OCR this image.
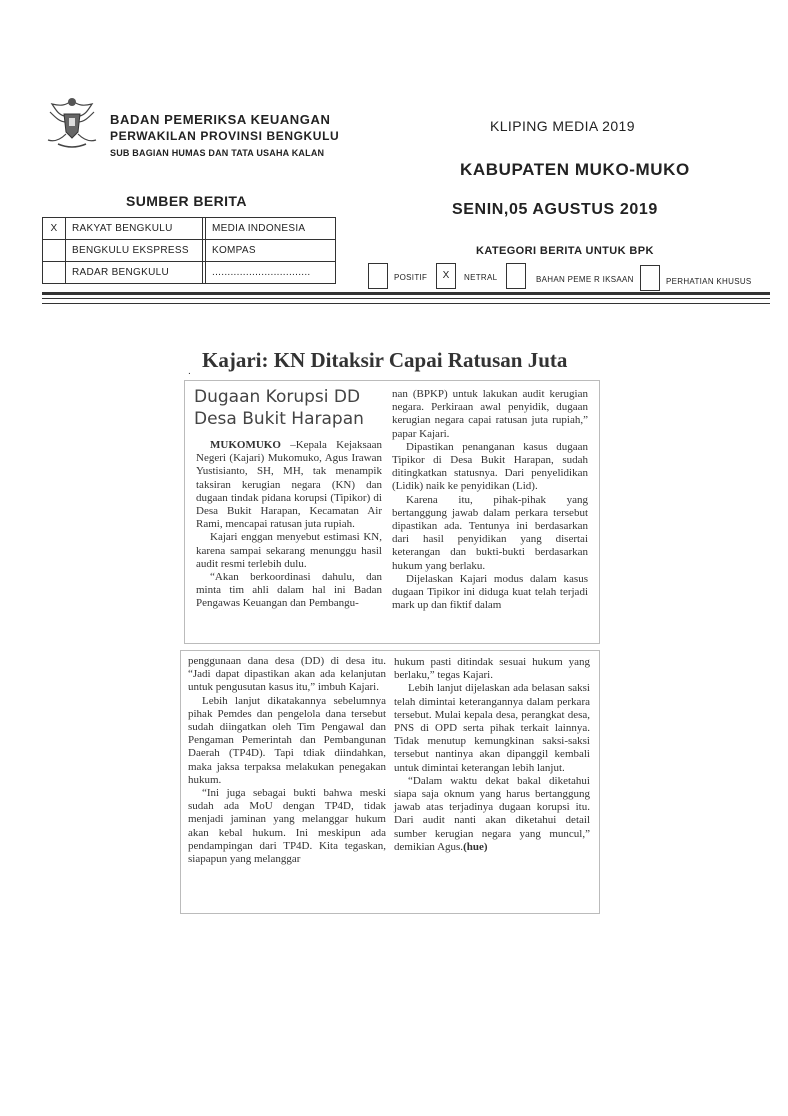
BADAN PEMERIKSA KEUANGAN
PERWAKILAN PROVINSI BENGKULU
SUB BAGIAN HUMAS DAN TATA USAHA KALAN
KLIPING MEDIA 2019
KABUPATEN MUKO-MUKO
SENIN,05 AGUSTUS 2019
SUMBER BERITA
X	RAKYAT BENGKULU		MEDIA INDONESIA
	BENGKULU EKSPRESS		KOMPAS
	RADAR BENGKULU		................................
KATEGORI BERITA UNTUK BPK
POSITIF	X	NETRAL	BAHAN PEME R IKSAAN	PERHATIAN KHUSUS
. Kajari: KN Ditaksir Capai Ratusan Juta
Dugaan Korupsi DD
Desa Bukit Harapan

MUKOMUKO –Kepala Kejaksaan Negeri (Kajari) Mukomuko, Agus Irawan Yustisianto, SH, MH, tak menampik taksiran kerugian negara (KN) dan dugaan tindak pidana korupsi (Tipikor) di Desa Bukit Harapan, Kecamatan Air Rami, mencapai ratusan juta rupiah.

Kajari enggan menyebut estimasi KN, karena sampai sekarang menunggu hasil audit resmi terlebih dulu.

“Akan berkoordinasi dahulu, dan minta tim ahli dalam hal ini Badan Pengawas Keuangan dan Pembangu-

nan (BPKP) untuk lakukan audit kerugian negara. Perkiraan awal penyidik, dugaan kerugian negara capai ratusan juta rupiah,” papar Kajari.

Dipastikan penanganan kasus dugaan Tipikor di Desa Bukit Harapan, sudah ditingkatkan statusnya. Dari penyelidikan (Lidik) naik ke penyidikan (Lid).

Karena itu, pihak-pihak yang bertanggung jawab dalam perkara tersebut dipastikan ada. Tentunya ini berdasarkan dari hasil penyidikan yang disertai keterangan dan bukti-bukti berdasarkan hukum yang berlaku.

Dijelaskan Kajari modus dalam kasus dugaan Tipikor ini diduga kuat telah terjadi mark up dan fiktif dalam

penggunaan dana desa (DD) di desa itu. “Jadi dapat dipastikan akan ada kelanjutan untuk pengusutan kasus itu,” imbuh Kajari.

Lebih lanjut dikatakannya sebelumnya pihak Pemdes dan pengelola dana tersebut sudah diingatkan oleh Tim Pengawal dan Pengaman Pemerintah dan Pembangunan Daerah (TP4D). Tapi tdiak diindahkan, maka jaksa terpaksa melakukan penegakan hukum.

“Ini juga sebagai bukti bahwa meski sudah ada MoU dengan TP4D, tidak menjadi jaminan yang melanggar hukum akan kebal hukum. Ini meskipun ada pendampingan dari TP4D. Kita tegaskan, siapapun yang melanggar

hukum pasti ditindak sesuai hukum yang berlaku,” tegas Kajari.

Lebih lanjut dijelaskan ada belasan saksi telah dimintai keterangannya dalam perkara tersebut. Mulai kepala desa, perangkat desa, PNS di OPD serta pihak terkait lainnya. Tidak menutup kemungkinan saksi-saksi tersebut nantinya akan dipanggil kembali untuk dimintai keterangan lebih lanjut.

“Dalam waktu dekat bakal diketahui siapa saja oknum yang harus bertanggung jawab atas terjadinya dugaan korupsi itu. Dari audit nanti akan diketahui detail sumber kerugian negara yang muncul,” demikian Agus.(hue)
